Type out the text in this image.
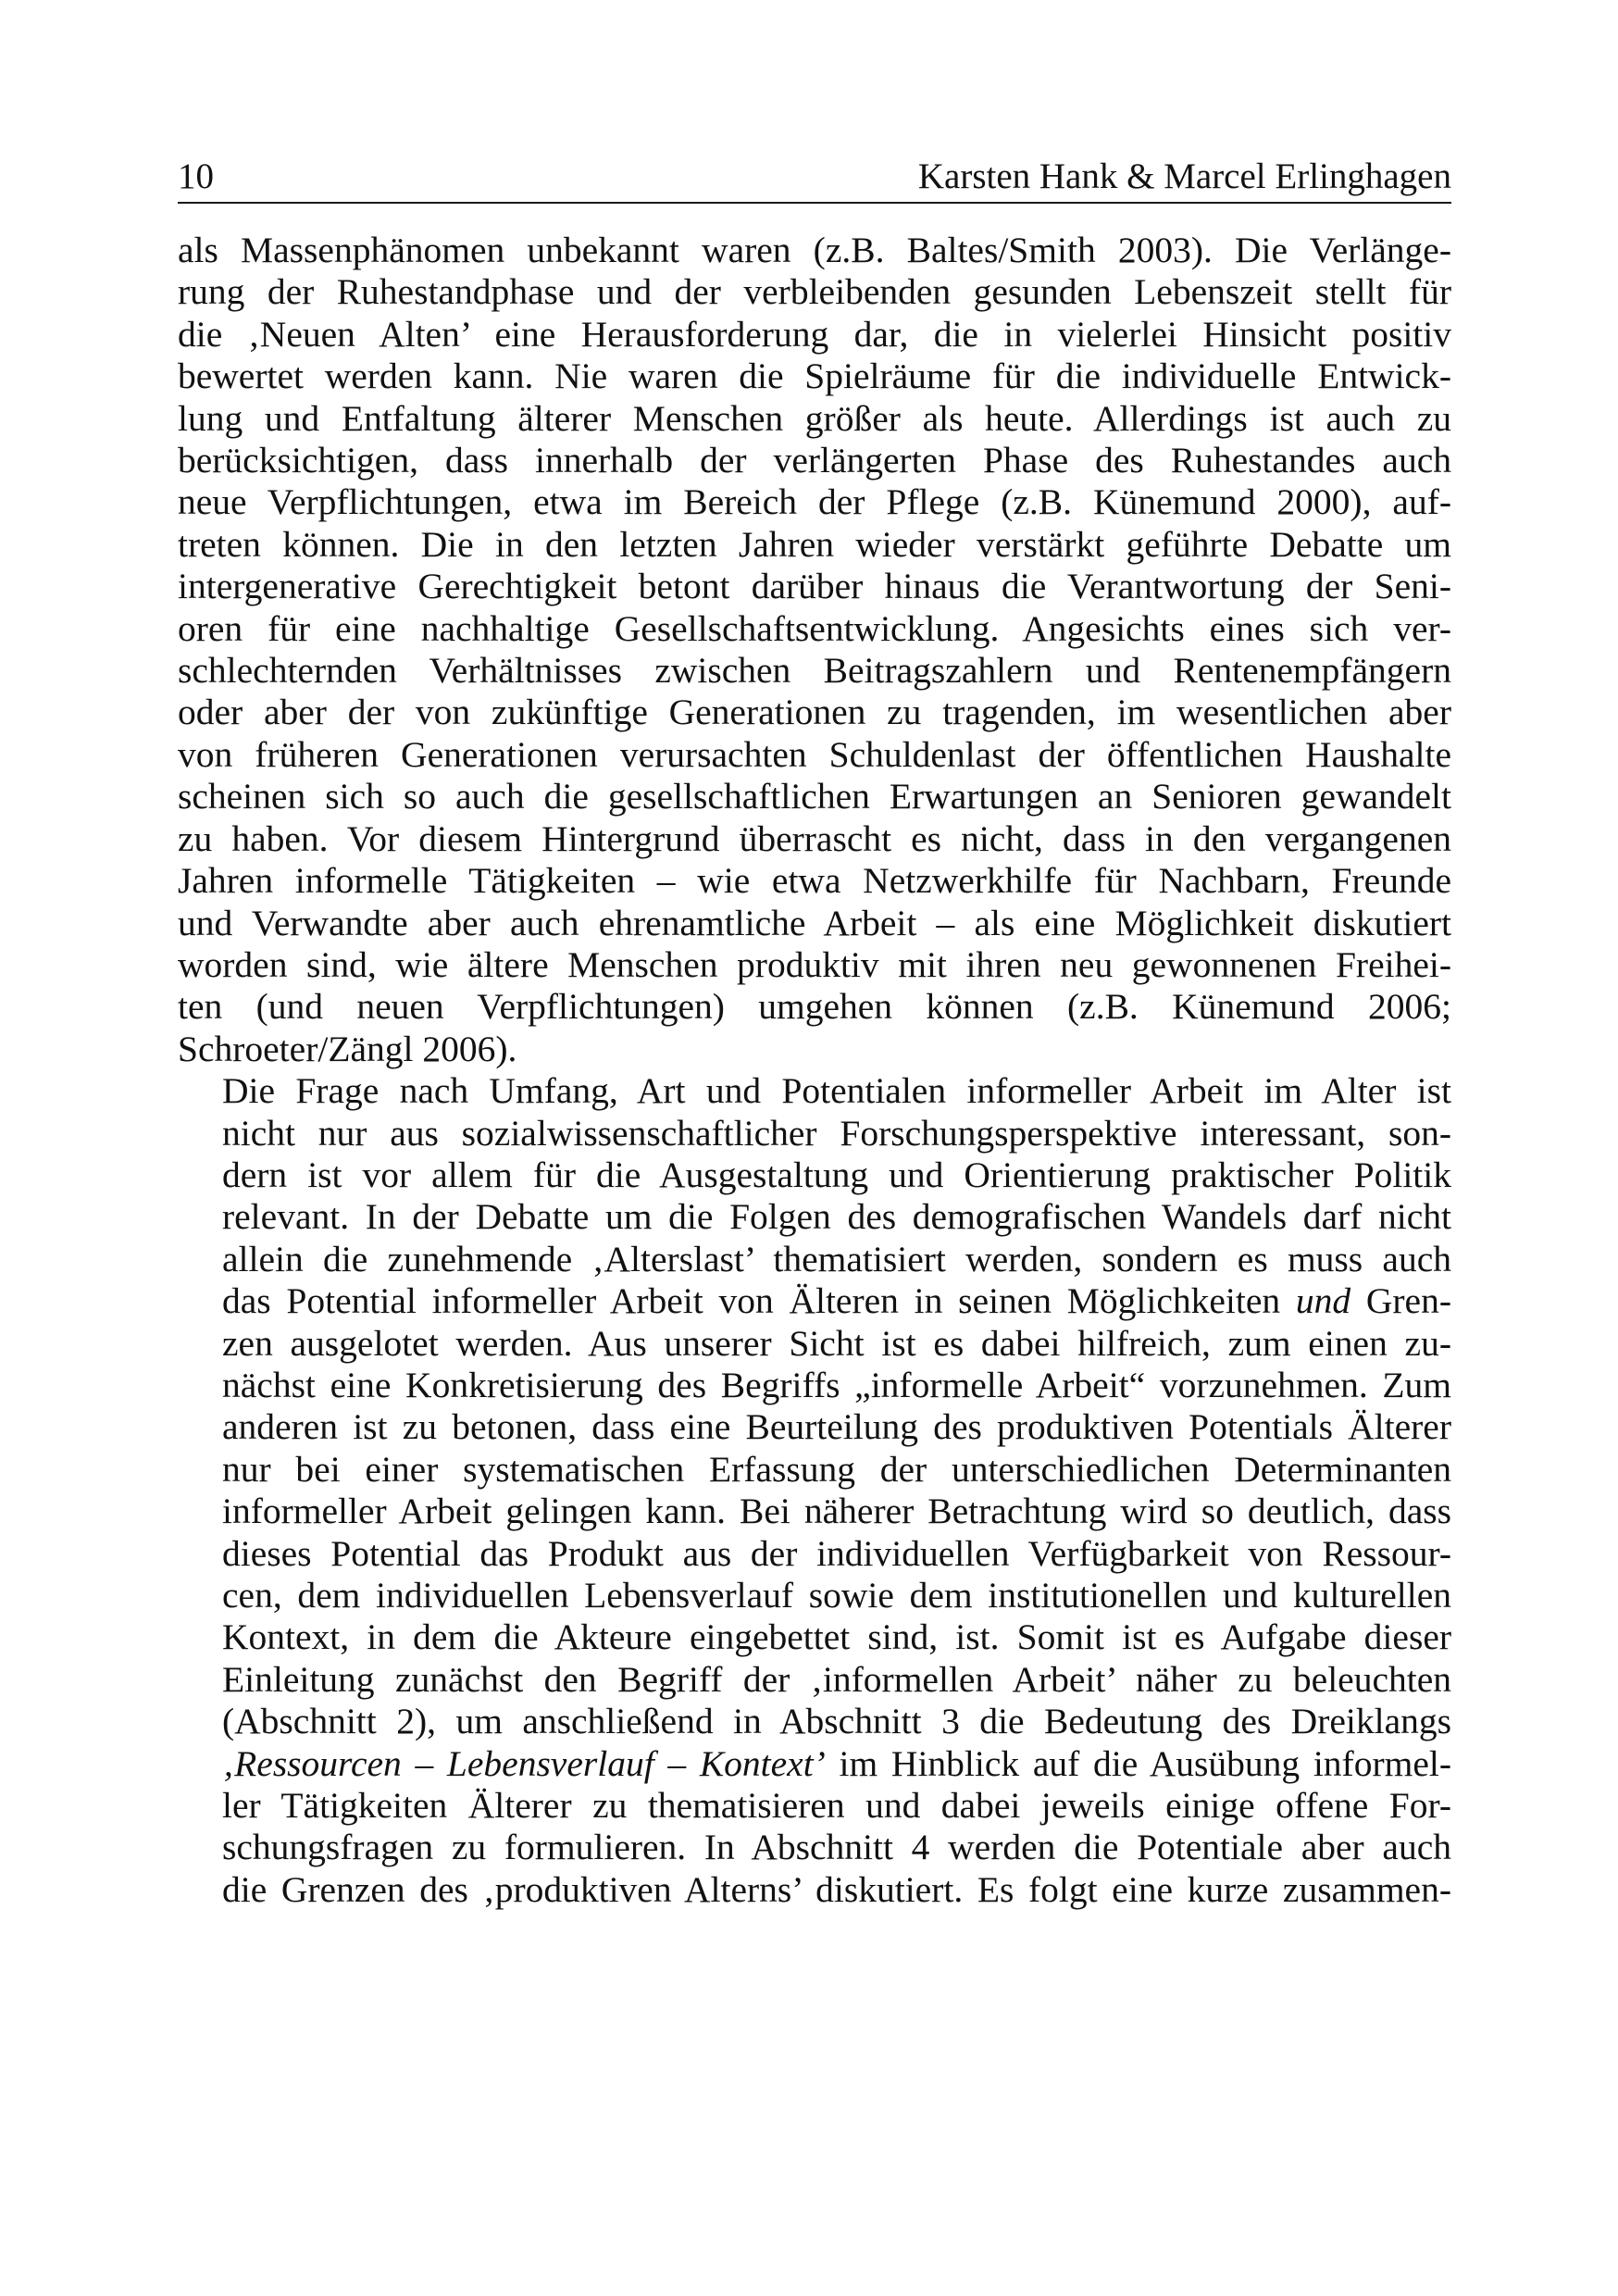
10	Karsten Hank & Marcel Erlinghagen

als Massenphänomen unbekannt waren (z.B. Baltes/Smith 2003). Die Verlänge-
rung der Ruhestandphase und der verbleibenden gesunden Lebenszeit stellt für
die ‚Neuen Alten’ eine Herausforderung dar, die in vielerlei Hinsicht positiv
bewertet werden kann. Nie waren die Spielräume für die individuelle Entwick-
lung und Entfaltung älterer Menschen größer als heute. Allerdings ist auch zu
berücksichtigen, dass innerhalb der verlängerten Phase des Ruhestandes auch
neue Verpflichtungen, etwa im Bereich der Pflege (z.B. Künemund 2000), auf-
treten können. Die in den letzten Jahren wieder verstärkt geführte Debatte um
intergenerative Gerechtigkeit betont darüber hinaus die Verantwortung der Seni-
oren für eine nachhaltige Gesellschaftsentwicklung. Angesichts eines sich ver-
schlechternden Verhältnisses zwischen Beitragszahlern und Rentenempfängern
oder aber der von zukünftige Generationen zu tragenden, im wesentlichen aber
von früheren Generationen verursachten Schuldenlast der öffentlichen Haushalte
scheinen sich so auch die gesellschaftlichen Erwartungen an Senioren gewandelt
zu haben. Vor diesem Hintergrund überrascht es nicht, dass in den vergangenen
Jahren informelle Tätigkeiten – wie etwa Netzwerkhilfe für Nachbarn, Freunde
und Verwandte aber auch ehrenamtliche Arbeit – als eine Möglichkeit diskutiert
worden sind, wie ältere Menschen produktiv mit ihren neu gewonnenen Freihei-
ten (und neuen Verpflichtungen) umgehen können (z.B. Künemund 2006;
Schroeter/Zängl 2006).

Die Frage nach Umfang, Art und Potentialen informeller Arbeit im Alter ist
nicht nur aus sozialwissenschaftlicher Forschungsperspektive interessant, son-
dern ist vor allem für die Ausgestaltung und Orientierung praktischer Politik
relevant. In der Debatte um die Folgen des demografischen Wandels darf nicht
allein die zunehmende ‚Alterslast’ thematisiert werden, sondern es muss auch
das Potential informeller Arbeit von Älteren in seinen Möglichkeiten und Gren-
zen ausgelotet werden. Aus unserer Sicht ist es dabei hilfreich, zum einen zu-
nächst eine Konkretisierung des Begriffs „informelle Arbeit“ vorzunehmen. Zum
anderen ist zu betonen, dass eine Beurteilung des produktiven Potentials Älterer
nur bei einer systematischen Erfassung der unterschiedlichen Determinanten
informeller Arbeit gelingen kann. Bei näherer Betrachtung wird so deutlich, dass
dieses Potential das Produkt aus der individuellen Verfügbarkeit von Ressour-
cen, dem individuellen Lebensverlauf sowie dem institutionellen und kulturellen
Kontext, in dem die Akteure eingebettet sind, ist. Somit ist es Aufgabe dieser
Einleitung zunächst den Begriff der ‚informellen Arbeit’ näher zu beleuchten
(Abschnitt 2), um anschließend in Abschnitt 3 die Bedeutung des Dreiklangs
‚Ressourcen – Lebensverlauf – Kontext’ im Hinblick auf die Ausübung informel-
ler Tätigkeiten Älterer zu thematisieren und dabei jeweils einige offene For-
schungsfragen zu formulieren. In Abschnitt 4 werden die Potentiale aber auch
die Grenzen des ‚produktiven Alterns’ diskutiert. Es folgt eine kurze zusammen-
